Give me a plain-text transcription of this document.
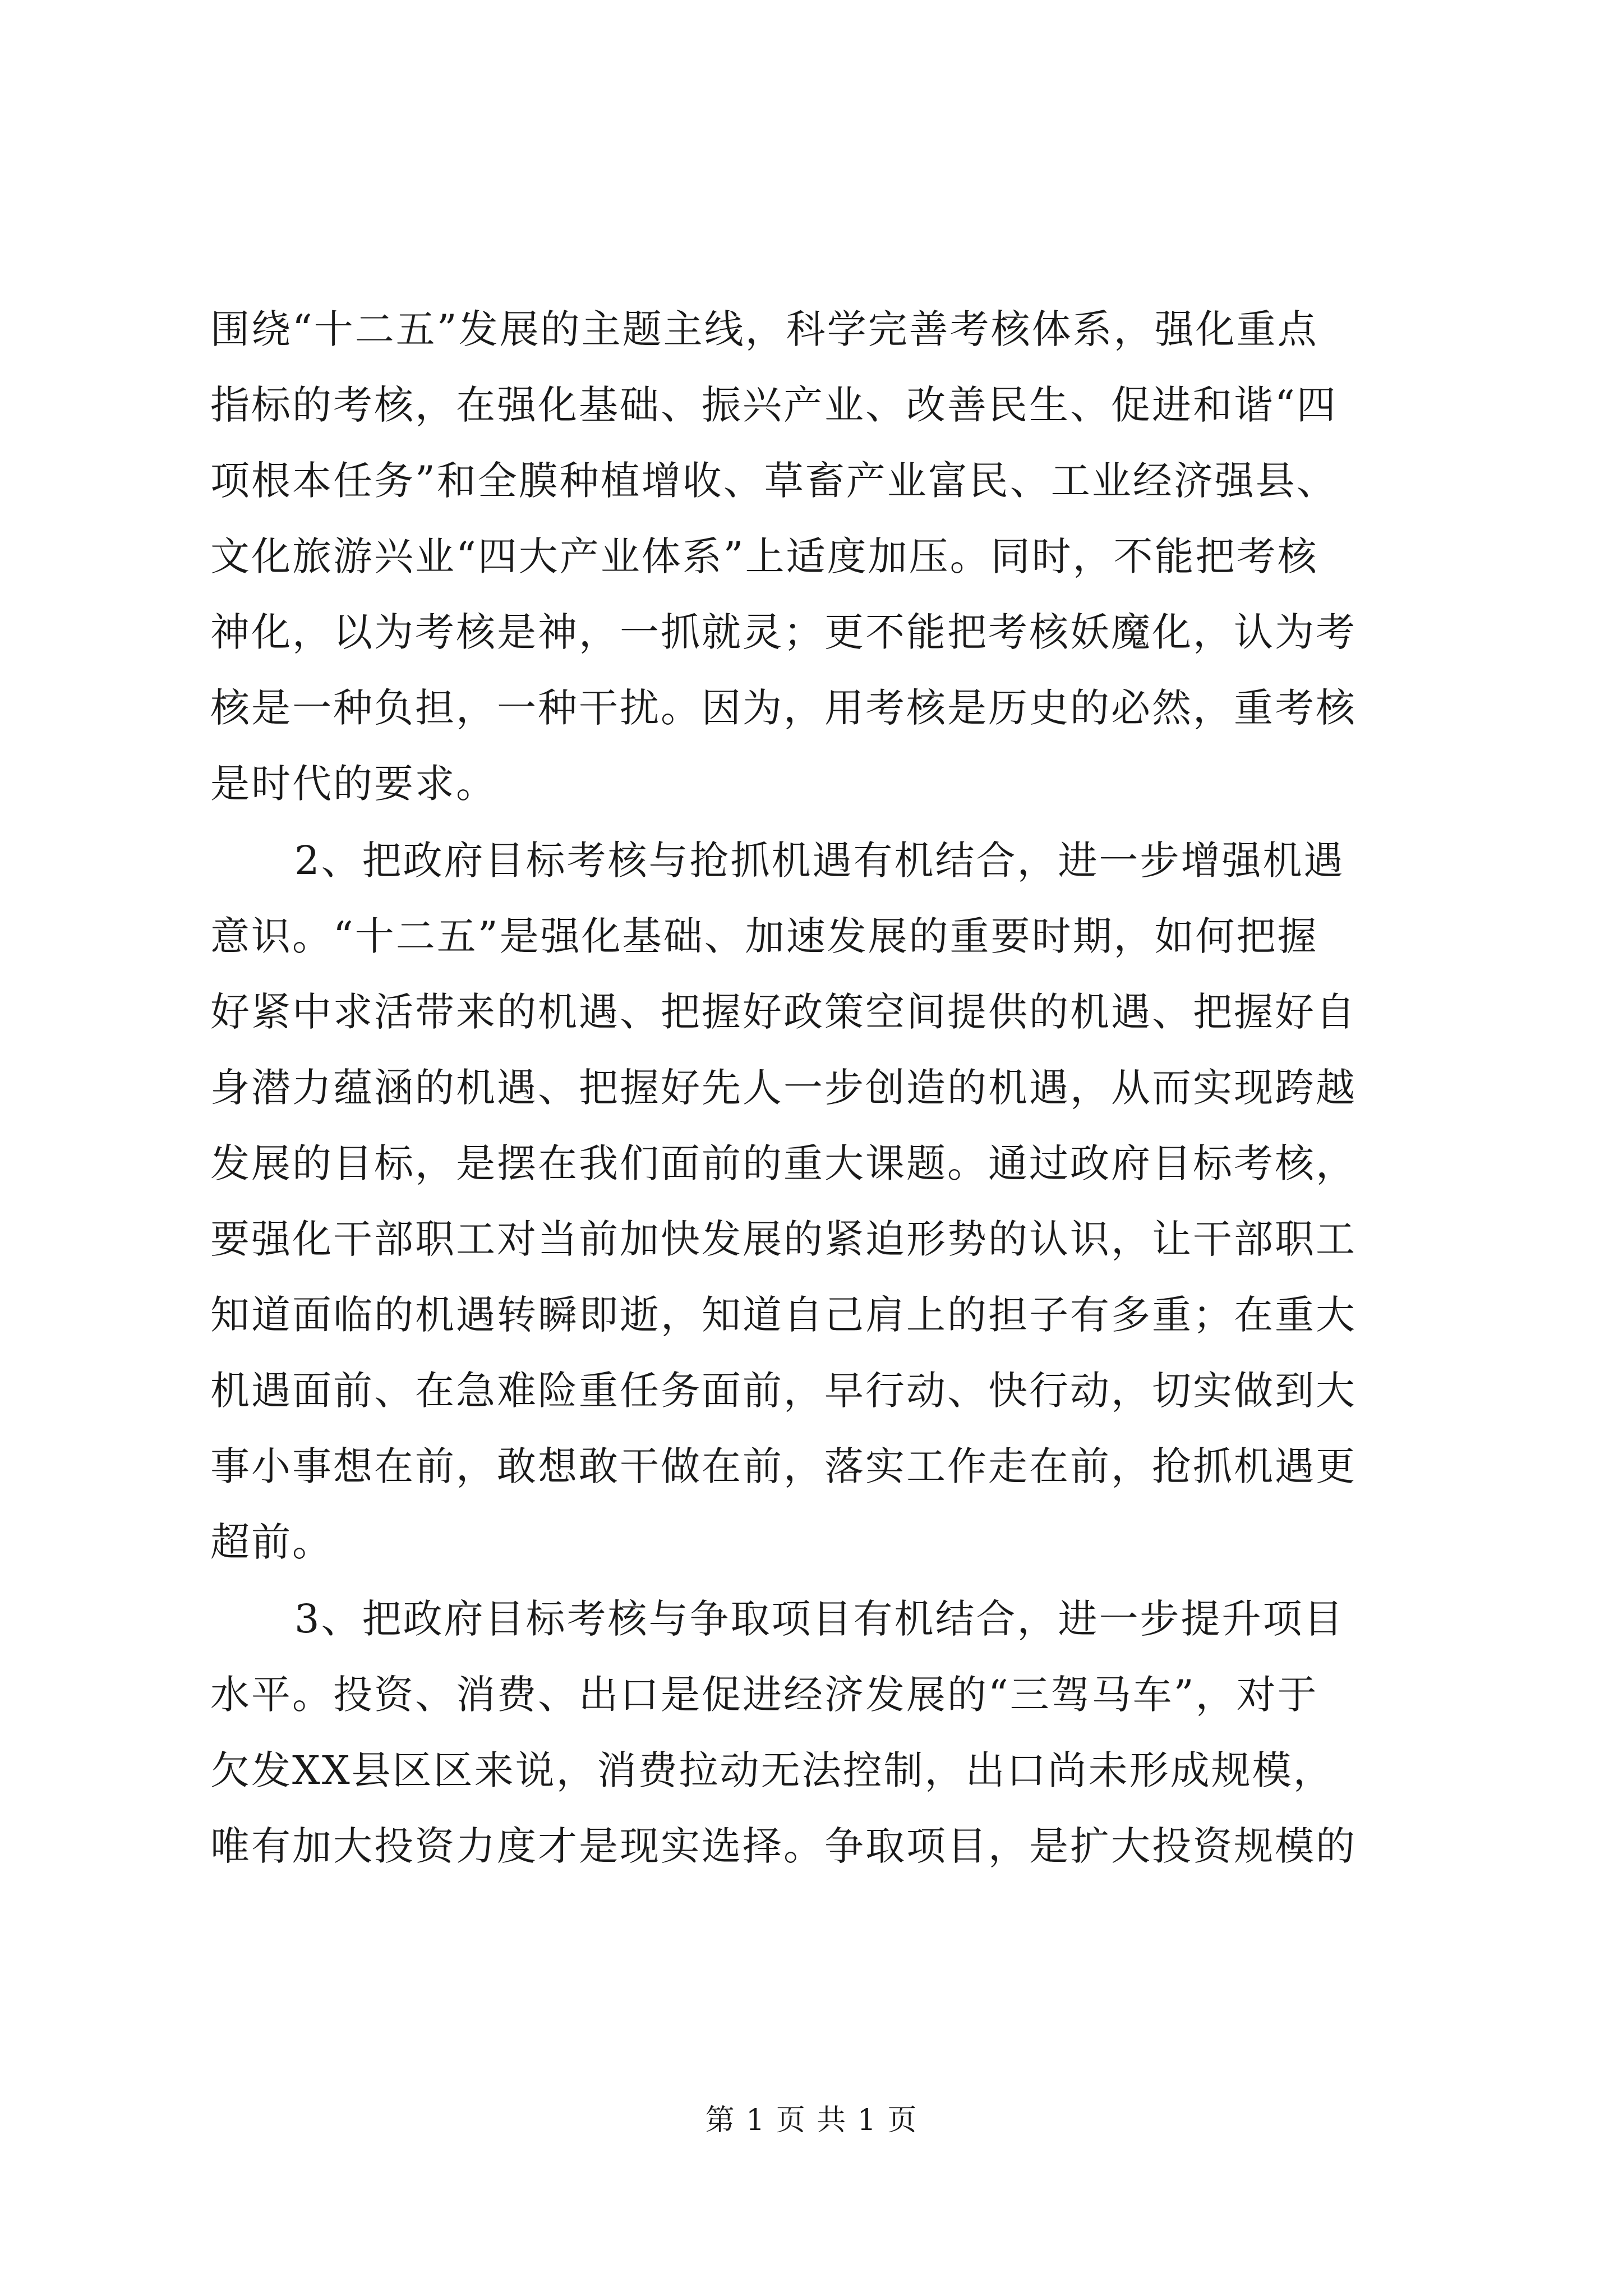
围绕“十二五”发展的主题主线，科学完善考核体系，强化重点
指标的考核，在强化基础、振兴产业、改善民生、促进和谐“四
项根本任务”和全膜种植增收、草畜产业富民、工业经济强县、
文化旅游兴业“四大产业体系”上适度加压。同时，不能把考核
神化，以为考核是神，一抓就灵；更不能把考核妖魔化，认为考
核是一种负担，一种干扰。因为，用考核是历史的必然，重考核
是时代的要求。
2、把政府目标考核与抢抓机遇有机结合，进一步增强机遇
意识。“十二五”是强化基础、加速发展的重要时期，如何把握
好紧中求活带来的机遇、把握好政策空间提供的机遇、把握好自
身潜力蕴涵的机遇、把握好先人一步创造的机遇，从而实现跨越
发展的目标，是摆在我们面前的重大课题。通过政府目标考核，
要强化干部职工对当前加快发展的紧迫形势的认识，让干部职工
知道面临的机遇转瞬即逝，知道自己肩上的担子有多重；在重大
机遇面前、在急难险重任务面前，早行动、快行动，切实做到大
事小事想在前，敢想敢干做在前，落实工作走在前，抢抓机遇更
超前。
3、把政府目标考核与争取项目有机结合，进一步提升项目
水平。投资、消费、出口是促进经济发展的“三驾马车”，对于
欠发XX县区区来说，消费拉动无法控制，出口尚未形成规模，
唯有加大投资力度才是现实选择。争取项目，是扩大投资规模的
第 1 页 共 1 页
